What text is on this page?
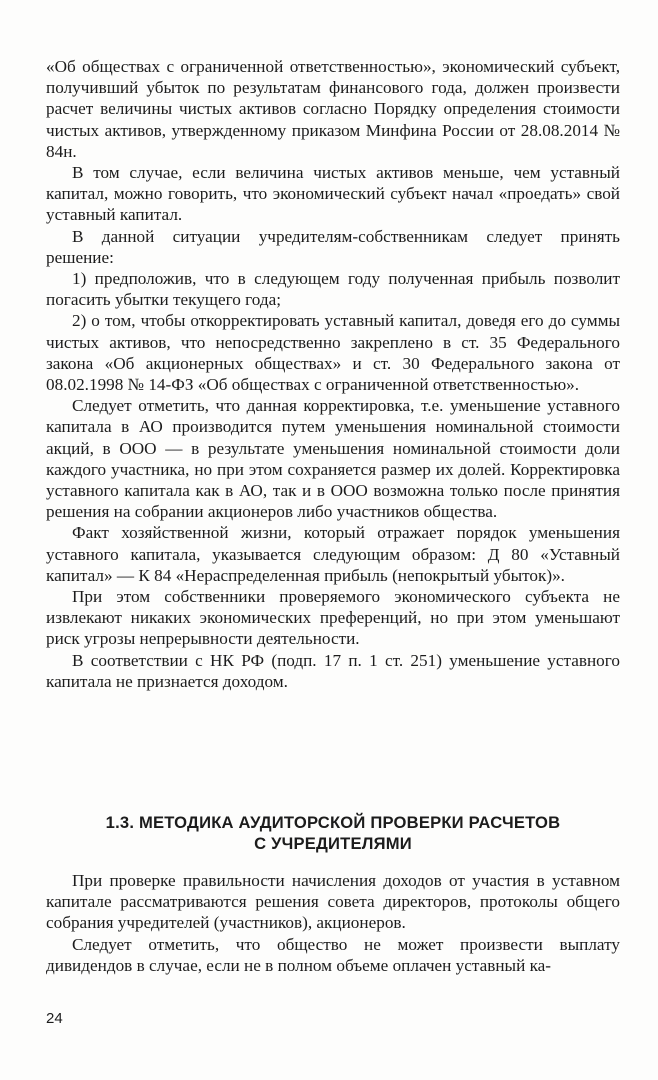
«Об обществах с ограниченной ответственностью», экономический субъект, получивший убыток по результатам финансового года, должен произвести расчет величины чистых активов согласно Порядку определения стоимости чистых активов, утвержденному приказом Минфина России от 28.08.2014 № 84н.

В том случае, если величина чистых активов меньше, чем уставный капитал, можно говорить, что экономический субъект начал «проедать» свой уставный капитал.

В данной ситуации учредителям-собственникам следует принять решение:

1) предположив, что в следующем году полученная прибыль позволит погасить убытки текущего года;

2) о том, чтобы откорректировать уставный капитал, доведя его до суммы чистых активов, что непосредственно закреплено в ст. 35 Федерального закона «Об акционерных обществах» и ст. 30 Федерального закона от 08.02.1998 № 14-ФЗ «Об обществах с ограниченной ответственностью».

Следует отметить, что данная корректировка, т.е. уменьшение уставного капитала в АО производится путем уменьшения номинальной стоимости акций, в ООО — в результате уменьшения номинальной стоимости доли каждого участника, но при этом сохраняется размер их долей. Корректировка уставного капитала как в АО, так и в ООО возможна только после принятия решения на собрании акционеров либо участников общества.

Факт хозяйственной жизни, который отражает порядок уменьшения уставного капитала, указывается следующим образом: Д 80 «Уставный капитал» — К 84 «Нераспределенная прибыль (непокрытый убыток)».

При этом собственники проверяемого экономического субъекта не извлекают никаких экономических преференций, но при этом уменьшают риск угрозы непрерывности деятельности.

В соответствии с НК РФ (подп. 17 п. 1 ст. 251) уменьшение уставного капитала не признается доходом.

1.3. МЕТОДИКА АУДИТОРСКОЙ ПРОВЕРКИ РАСЧЕТОВ
С УЧРЕДИТЕЛЯМИ

При проверке правильности начисления доходов от участия в уставном капитале рассматриваются решения совета директоров, протоколы общего собрания учредителей (участников), акционеров.

Следует отметить, что общество не может произвести выплату дивидендов в случае, если не в полном объеме оплачен уставный ка-

24
